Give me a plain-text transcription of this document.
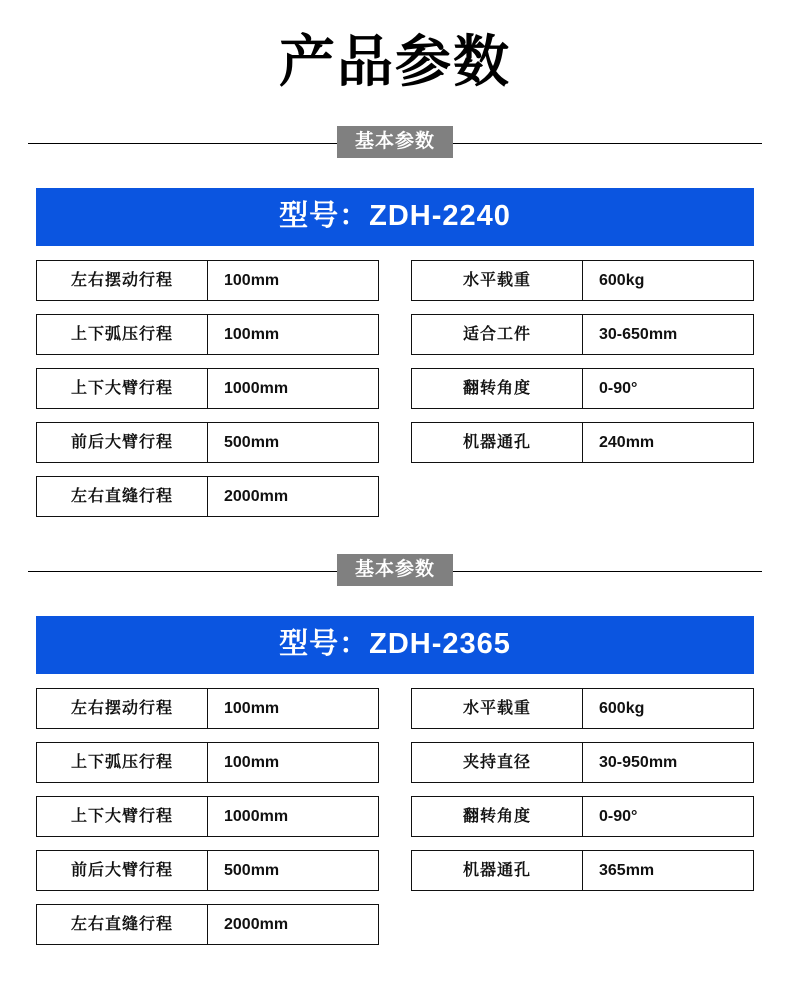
产品参数
基本参数
型号：ZDH-2240
左右摆动行程	100mm
上下弧压行程	100mm
上下大臂行程	1000mm
前后大臂行程	500mm
左右直缝行程	2000mm
水平载重	600kg
适合工件	30-650mm
翻转角度	0-90°
机器通孔	240mm
基本参数
型号：ZDH-2365
左右摆动行程	100mm
上下弧压行程	100mm
上下大臂行程	1000mm
前后大臂行程	500mm
左右直缝行程	2000mm
水平载重	600kg
夹持直径	30-950mm
翻转角度	0-90°
机器通孔	365mm
